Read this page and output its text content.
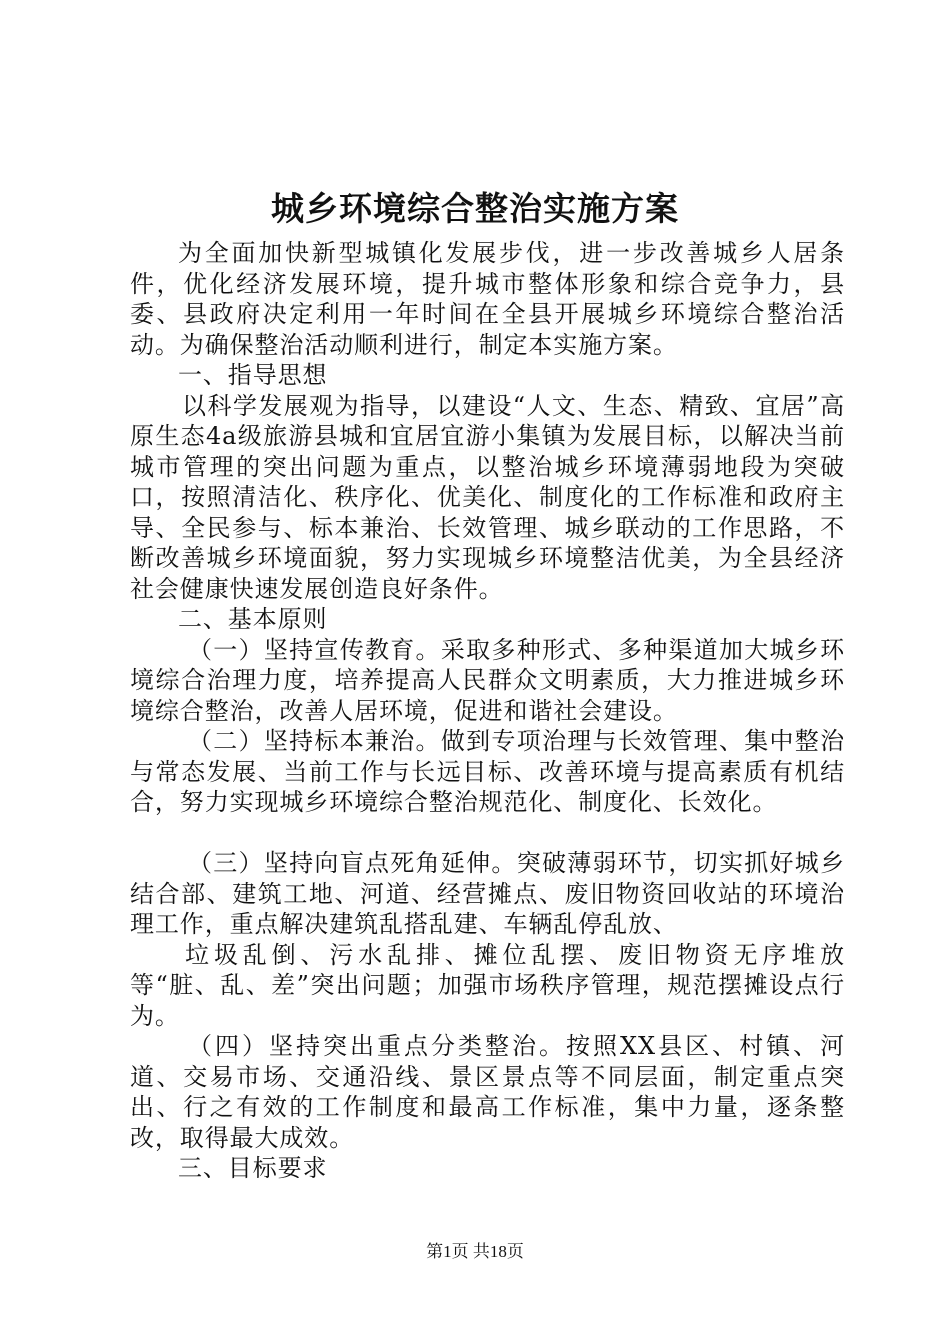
城乡环境综合整治实施方案

为全面加快新型城镇化发展步伐，进一步改善城乡人居条件，优化经济发展环境，提升城市整体形象和综合竞争力，县委、县政府决定利用一年时间在全县开展城乡环境综合整治活动。为确保整治活动顺利进行，制定本实施方案。

一、指导思想

以科学发展观为指导，以建设“人文、生态、精致、宜居”高原生态4a级旅游县城和宜居宜游小集镇为发展目标，以解决当前城市管理的突出问题为重点，以整治城乡环境薄弱地段为突破口，按照清洁化、秩序化、优美化、制度化的工作标准和政府主导、全民参与、标本兼治、长效管理、城乡联动的工作思路，不断改善城乡环境面貌，努力实现城乡环境整洁优美，为全县经济社会健康快速发展创造良好条件。

二、基本原则

（一）坚持宣传教育。采取多种形式、多种渠道加大城乡环境综合治理力度，培养提高人民群众文明素质，大力推进城乡环境综合整治，改善人居环境，促进和谐社会建设。

（二）坚持标本兼治。做到专项治理与长效管理、集中整治与常态发展、当前工作与长远目标、改善环境与提高素质有机结合，努力实现城乡环境综合整治规范化、制度化、长效化。

（三）坚持向盲点死角延伸。突破薄弱环节，切实抓好城乡结合部、建筑工地、河道、经营摊点、废旧物资回收站的环境治理工作，重点解决建筑乱搭乱建、车辆乱停乱放、

垃圾乱倒、污水乱排、摊位乱摆、废旧物资无序堆放等“脏、乱、差”突出问题；加强市场秩序管理，规范摆摊设点行为。

（四）坚持突出重点分类整治。按照XX县区、村镇、河道、交易市场、交通沿线、景区景点等不同层面，制定重点突出、行之有效的工作制度和最高工作标准，集中力量，逐条整改，取得最大成效。

三、目标要求

第1页 共18页
